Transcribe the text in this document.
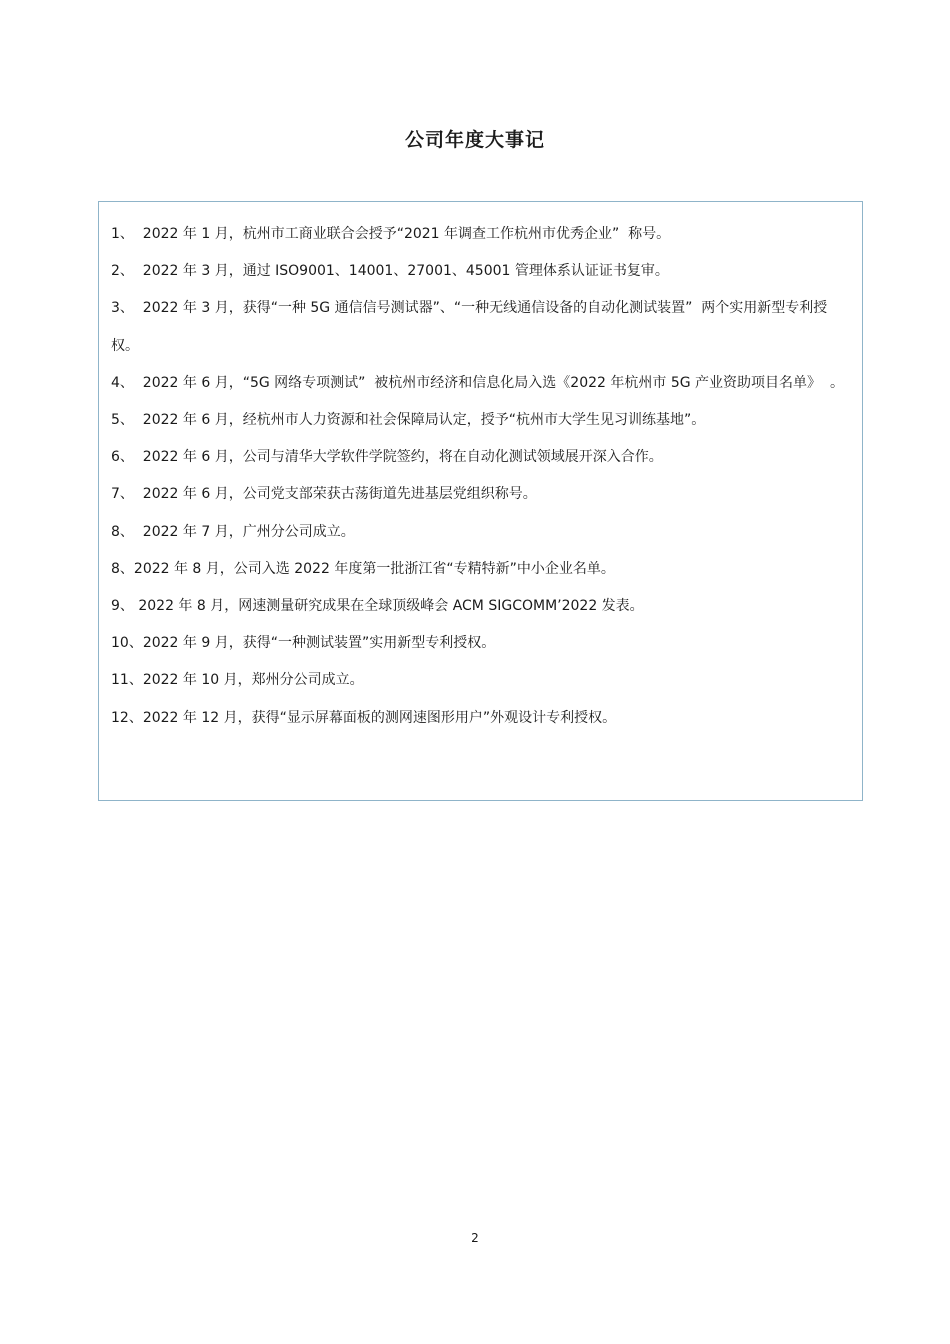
公司年度大事记
1、  2022 年 1 月，杭州市工商业联合会授予“2021 年调查工作杭州市优秀企业”  称号。
2、  2022 年 3 月，通过 ISO9001、14001、27001、45001 管理体系认证证书复审。
3、  2022 年 3 月，获得“一种 5G 通信信号测试器”、“一种无线通信设备的自动化测试装置”  两个实用新型专利授权。
4、  2022 年 6 月，“5G 网络专项测试”  被杭州市经济和信息化局入选《2022 年杭州市 5G 产业资助项目名单》  。
5、  2022 年 6 月，经杭州市人力资源和社会保障局认定，授予“杭州市大学生见习训练基地”。
6、  2022 年 6 月，公司与清华大学软件学院签约，将在自动化测试领域展开深入合作。
7、  2022 年 6 月，公司党支部荣获古荡街道先进基层党组织称号。
8、  2022 年 7 月，广州分公司成立。
8、2022 年 8 月，公司入选 2022 年度第一批浙江省“专精特新”中小企业名单。
9、 2022 年 8 月，网速测量研究成果在全球顶级峰会 ACM SIGCOMM’2022 发表。
10、2022 年 9 月，获得“一种测试装置”实用新型专利授权。
11、2022 年 10 月，郑州分公司成立。
12、2022 年 12 月，获得“显示屏幕面板的测网速图形用户”外观设计专利授权。
2
